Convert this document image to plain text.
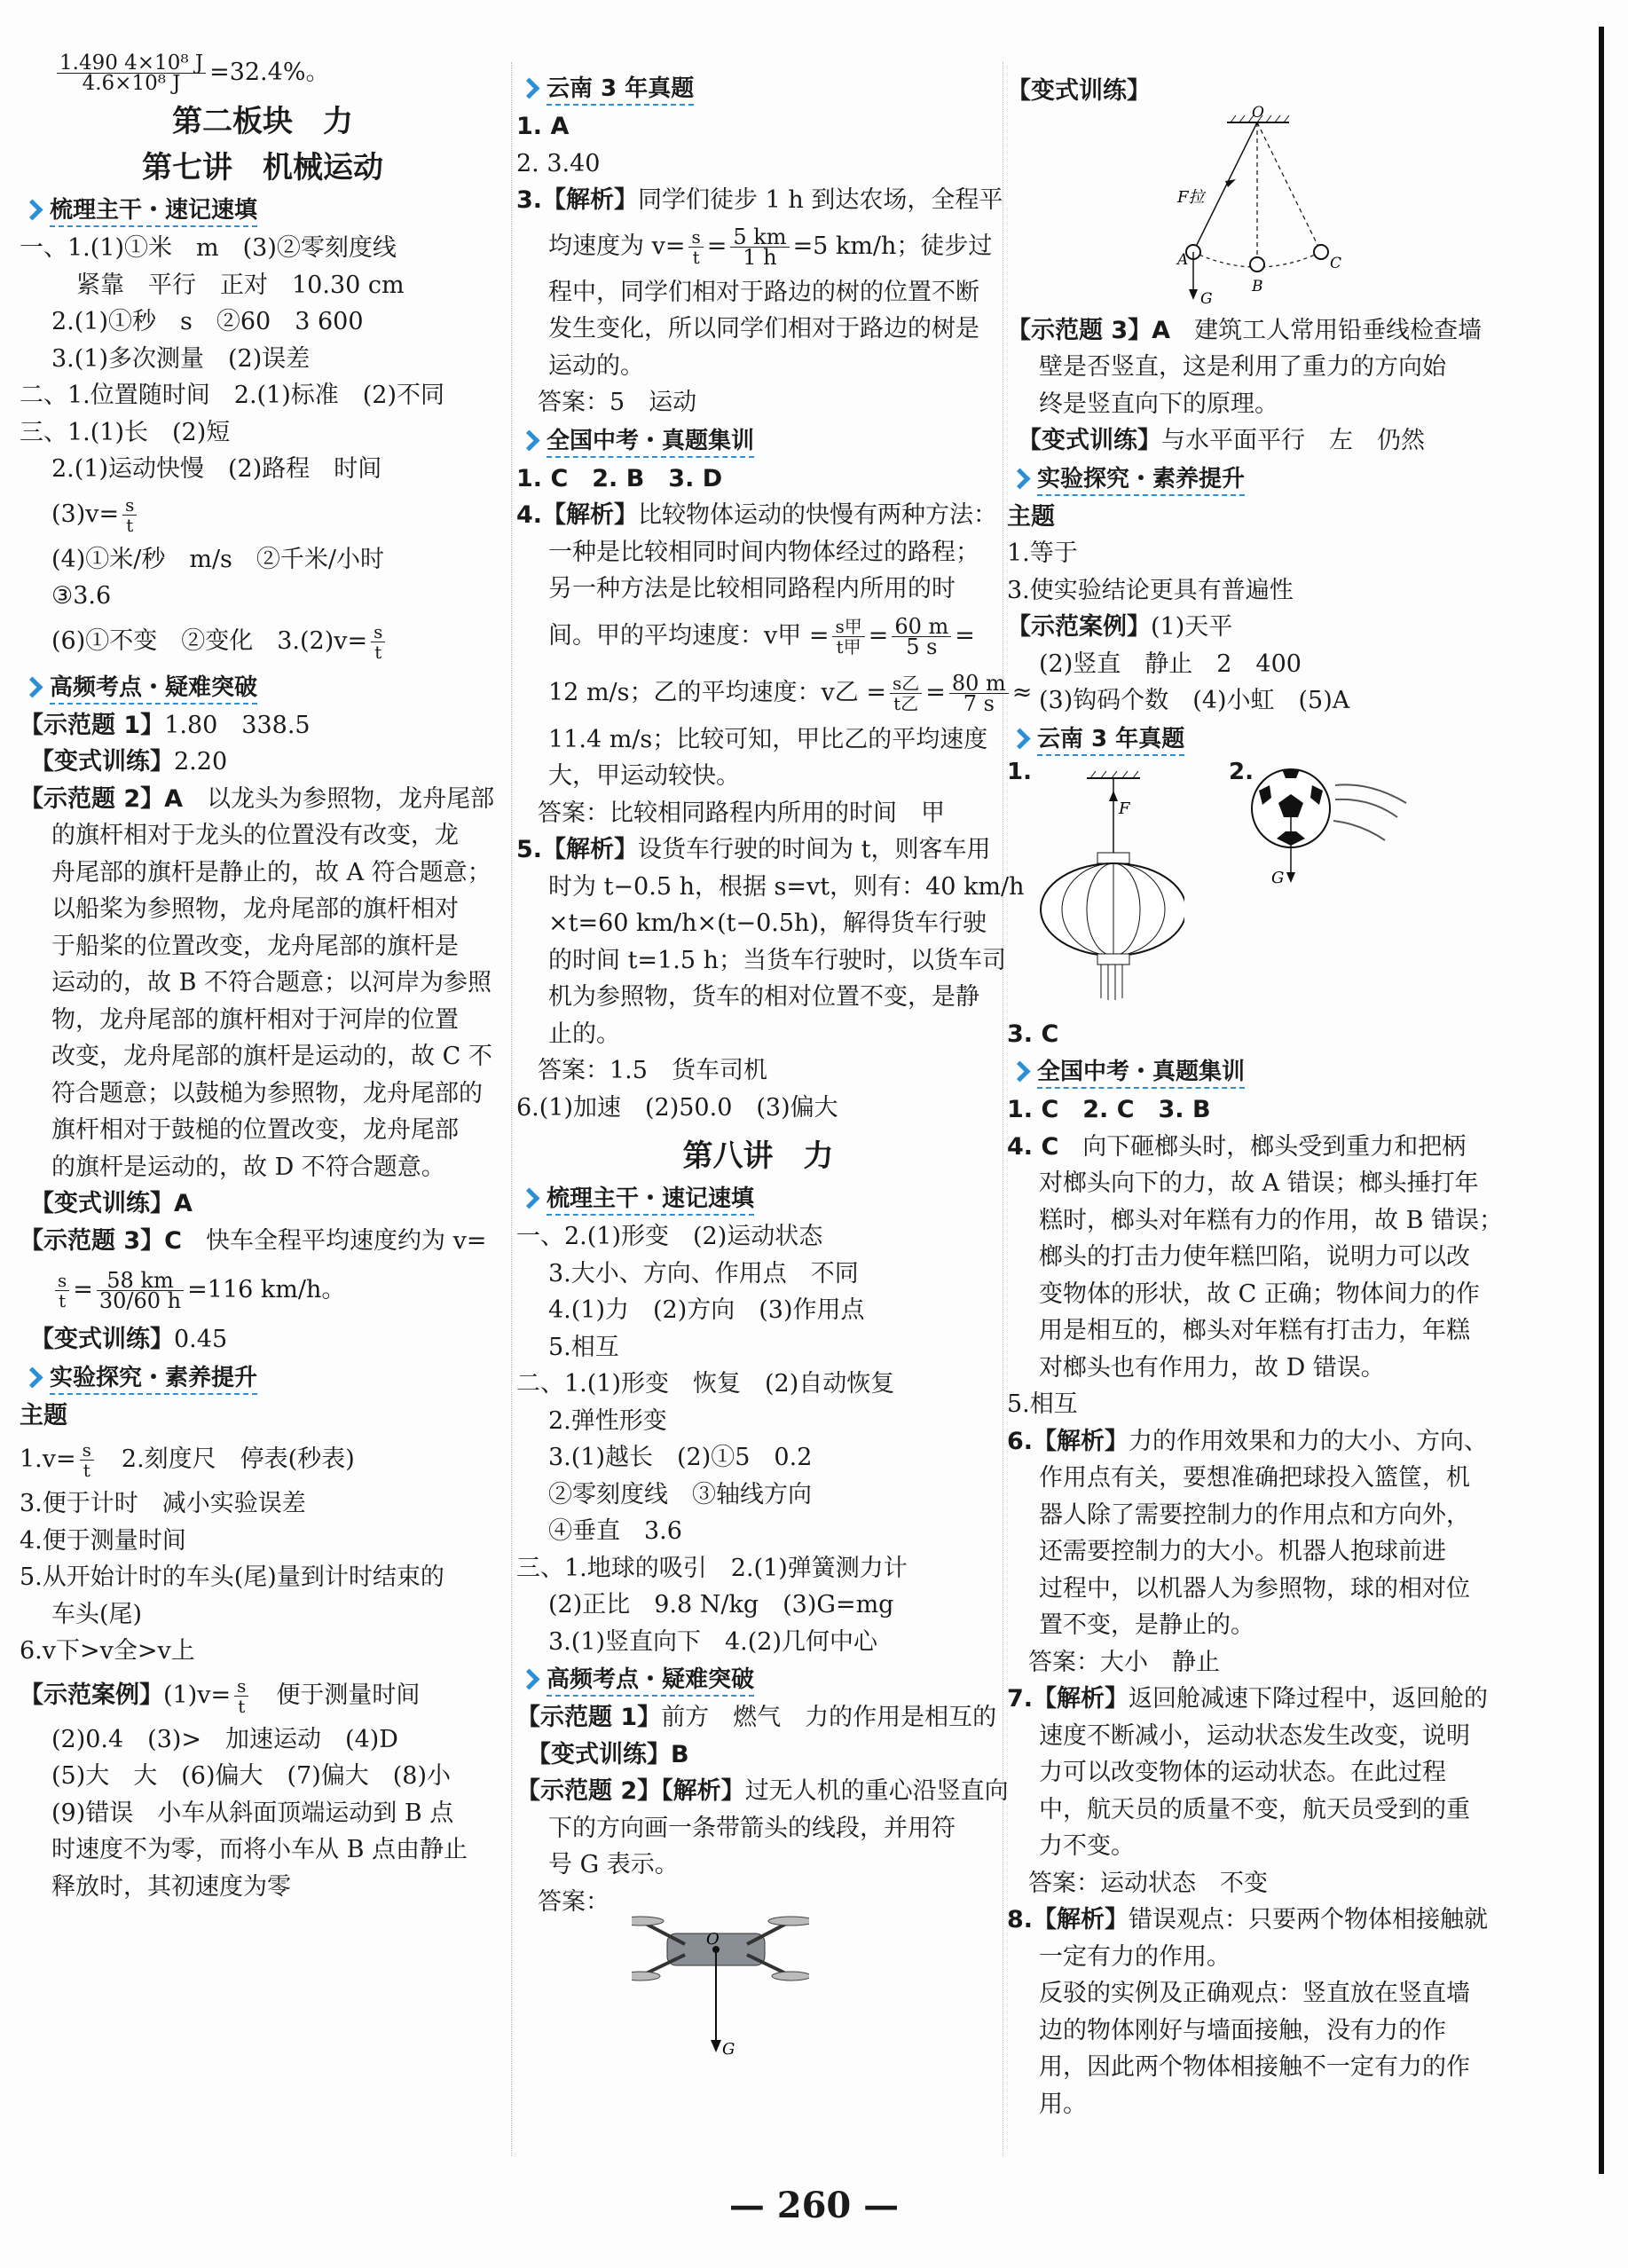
$\frac{\text{1.490 4×10⁸ J}}{\text{4.6×10⁸ J}} =32.4\%$。
第二板块　力
第七讲　机械运动
梳理主干・速记速填
一、1.(1)①米　m　(3)②零刻度线
紧靠　平行　正对　10.30 cm
2.(1)①秒　s　②60　3 600
3.(1)多次测量　(2)误差
二、1.位置随时间　2.(1)标准　(2)不同
三、1.(1)长　(2)短
2.(1)运动快慢　(2)路程　时间
$(3)v= \frac{s}{t}$
(4)①米/秒　m/s　②千米/小时
③3.6
(6)①不变　②变化　$3.(2)v= \frac{s}{t}$
高频考点・疑难突破
【示范题 1】1.80　338.5
【变式训练】2.20
【示范题 2】A　 以龙头为参照物，龙舟尾部
的旗杆相对于龙头的位置没有改变，龙
舟尾部的旗杆是静止的，故 A 符合题意；
以船桨为参照物，龙舟尾部的旗杆相对
于船桨的位置改变，龙舟尾部的旗杆是
运动的，故 B 不符合题意；以河岸为参照
物，龙舟尾部的旗杆相对于河岸的位置
改变，龙舟尾部的旗杆是运动的，故 C 不
符合题意；以鼓槌为参照物，龙舟尾部的
旗杆相对于鼓槌的位置改变，龙舟尾部
的旗杆是运动的，故 D 不符合题意。
【变式训练】A
【示范题 3】C　 快车全程平均速度约为 v=
$\frac{s}{t} = \frac{58 km}{30/60 h} =116$ km/h。
【变式训练】0.45
实验探究・素养提升
主题
$1.v= \frac{s}{t}$
　 2.刻度尺　停表(秒表)
3.便于计时　减小实验误差
4.便于测量时间
5.从开始计时的车头(尾)量到计时结束的
车头(尾)
6.v下>v全>v上
【示范案例】$(1)v= \frac{s}{t}$
　 便于测量时间
(2)0.4　(3)>　加速运动　(4)D
(5)大　大　(6)偏大　(7)偏大　(8)小
(9)错误　小车从斜面顶端运动到 B 点
时速度不为零，而将小车从 B 点由静止
释放时，其初速度为零
云南 3 年真题
1. A
2. 3.40
3.【解析】同学们徒步 1 h 到达农场，全程平
均速度为 $v= \frac{s}{t} = \frac{5 km}{1 h} =5$ km/h；徒步过
程中，同学们相对于路边的树的位置不断
发生变化，所以同学们相对于路边的树是
运动的。
答案：5　运动
全国中考・真题集训
1. C　2. B　3. D
4.【解析】比较物体运动的快慢有两种方法：
一种是比较相同时间内物体经过的路程；
另一种方法是比较相同路程内所用的时
间。甲的平均速度：v甲 = $\frac{\text{s甲}}{\text{t甲}} = \frac{60 m}{5 s}$ =
12 m/s；乙的平均速度：v乙 = $\frac{\text{s乙}}{\text{t乙}} = \frac{80 m}{7 s}$ ≈
11.4 m/s；比较可知，甲比乙的平均速度
大，甲运动较快。
答案：比较相同路程内所用的时间　甲
5.【解析】设货车行驶的时间为 t，则客车用
时为 t−0.5 h，根据 s=vt，则有：40 km/h
×t=60 km/h×(t−0.5h)，解得货车行驶
的时间 t=1.5 h；当货车行驶时，以货车司
机为参照物，货车的相对位置不变，是静
止的。
答案：1.5　货车司机
6.(1)加速　(2)50.0　(3)偏大
第八讲　力
梳理主干・速记速填
一、2.(1)形变　(2)运动状态
3.大小、方向、作用点　不同
4.(1)力　(2)方向　(3)作用点
5.相互
二、1.(1)形变　恢复　(2)自动恢复
2.弹性形变
3.(1)越长　(2)①5　0.2
②零刻度线　③轴线方向
④垂直　3.6
三、1.地球的吸引　2.(1)弹簧测力计
(2)正比　9.8 N/kg　(3)G=mg
3.(1)竖直向下　4.(2)几何中心
高频考点・疑难突破
【示范题 1】前方　燃气　力的作用是相互的
【变式训练】B
【示范题 2】【解析】过无人机的重心沿竖直向
下的方向画一条带箭头的线段，并用符
号 G 表示。
答案：
O
G
【变式训练】
O
F拉
A
B
C
G
【示范题 3】A　 建筑工人常用铅垂线检查墙
壁是否竖直，这是利用了重力的方向始
终是竖直向下的原理。
【变式训练】与水平面平行　左　仍然
实验探究・素养提升
主题
1.等于
3.使实验结论更具有普遍性
【示范案例】(1)天平
(2)竖直　静止　2　400
(3)钩码个数　(4)小虹　(5)A
云南 3 年真题
1.
F
2.
G
3. C
全国中考・真题集训
1. C　2. C　3. B
4. C　 向下砸榔头时，榔头受到重力和把柄
对榔头向下的力，故 A 错误；榔头捶打年
糕时，榔头对年糕有力的作用，故 B 错误；
榔头的打击力使年糕凹陷，说明力可以改
变物体的形状，故 C 正确；物体间力的作
用是相互的，榔头对年糕有打击力，年糕
对榔头也有作用力，故 D 错误。
5.相互
6.【解析】力的作用效果和力的大小、方向、
作用点有关，要想准确把球投入篮筐，机
器人除了需要控制力的作用点和方向外，
还需要控制力的大小。机器人抱球前进
过程中，以机器人为参照物，球的相对位
置不变，是静止的。
答案：大小　静止
7.【解析】返回舱减速下降过程中，返回舱的
速度不断减小，运动状态发生改变，说明
力可以改变物体的运动状态。在此过程
中，航天员的质量不变，航天员受到的重
力不变。
答案：运动状态　不变
8.【解析】错误观点：只要两个物体相接触就
一定有力的作用。
反驳的实例及正确观点：竖直放在竖直墙
边的物体刚好与墙面接触，没有力的作
用，因此两个物体相接触不一定有力的作
用。
— 260 —
